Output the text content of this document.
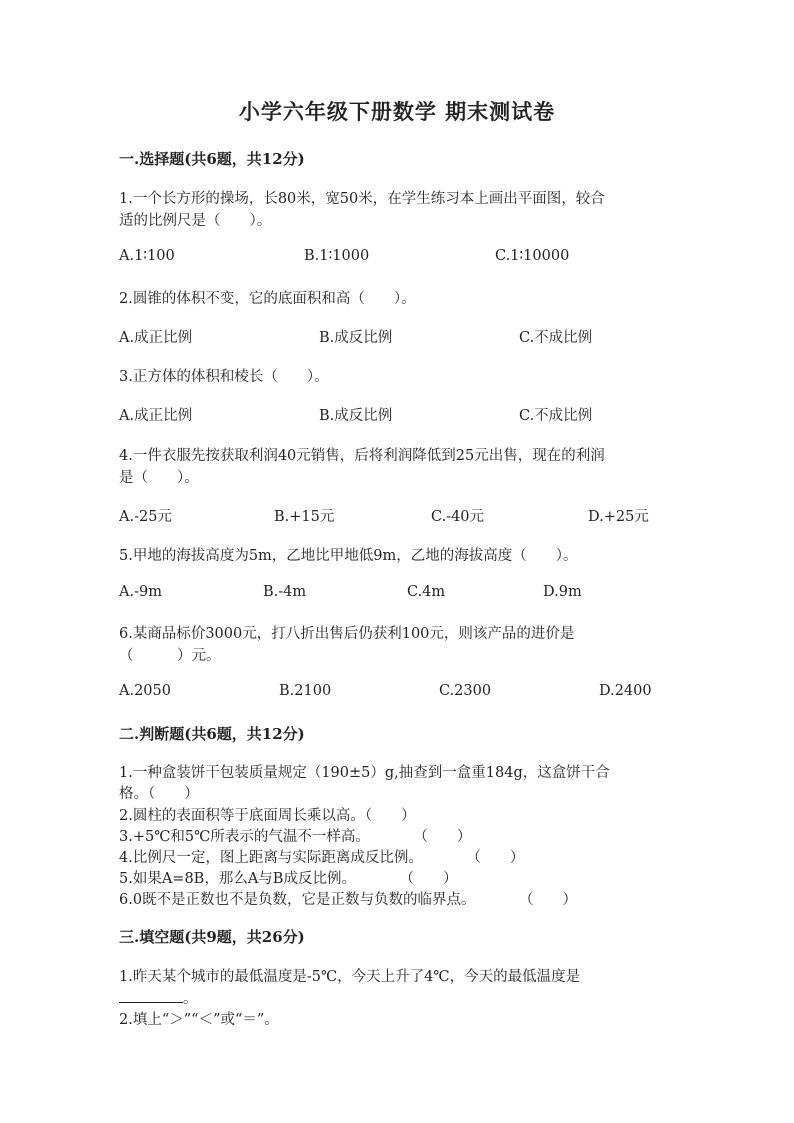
小学六年级下册数学 期末测试卷
一.选择题(共6题，共12分)
1.一个长方形的操场，长80米，宽50米，在学生练习本上画出平面图，较合
适的比例尺是（　　）。
A.1∶100	B.1∶1000	C.1∶10000
2.圆锥的体积不变，它的底面积和高（　　）。
A.成正比例	B.成反比例	C.不成比例
3.正方体的体积和棱长（　　）。
A.成正比例	B.成反比例	C.不成比例
4.一件衣服先按获取利润40元销售，后将利润降低到25元出售，现在的利润
是（　　）。
A.-25元	B.+15元	C.-40元	D.+25元
5.甲地的海拔高度为5m，乙地比甲地低9m，乙地的海拔高度（　　）。
A.-9m	B.-4m	C.4m	D.9m
6.某商品标价3000元，打八折出售后仍获利100元，则该产品的进价是
（　　　）元。
A.2050	B.2100	C.2300	D.2400
二.判断题(共6题，共12分)
1.一种盒装饼干包装质量规定（190±5）g,抽查到一盒重184g，这盒饼干合
格。（　　）
2.圆柱的表面积等于底面周长乘以高。（　　）
3.+5℃和5℃所表示的气温不一样高。　　　　（　　）
4.比例尺一定，图上距离与实际距离成反比例。　　　　（　　）
5.如果A=8B，那么A与B成反比例。　　　　（　　）
6.0既不是正数也不是负数，它是正数与负数的临界点。　　　　（　　）
三.填空题(共9题，共26分)
1.昨天某个城市的最低温度是-5℃，今天上升了4℃，今天的最低温度是
。
2.填上“＞”“＜”或“＝”。
